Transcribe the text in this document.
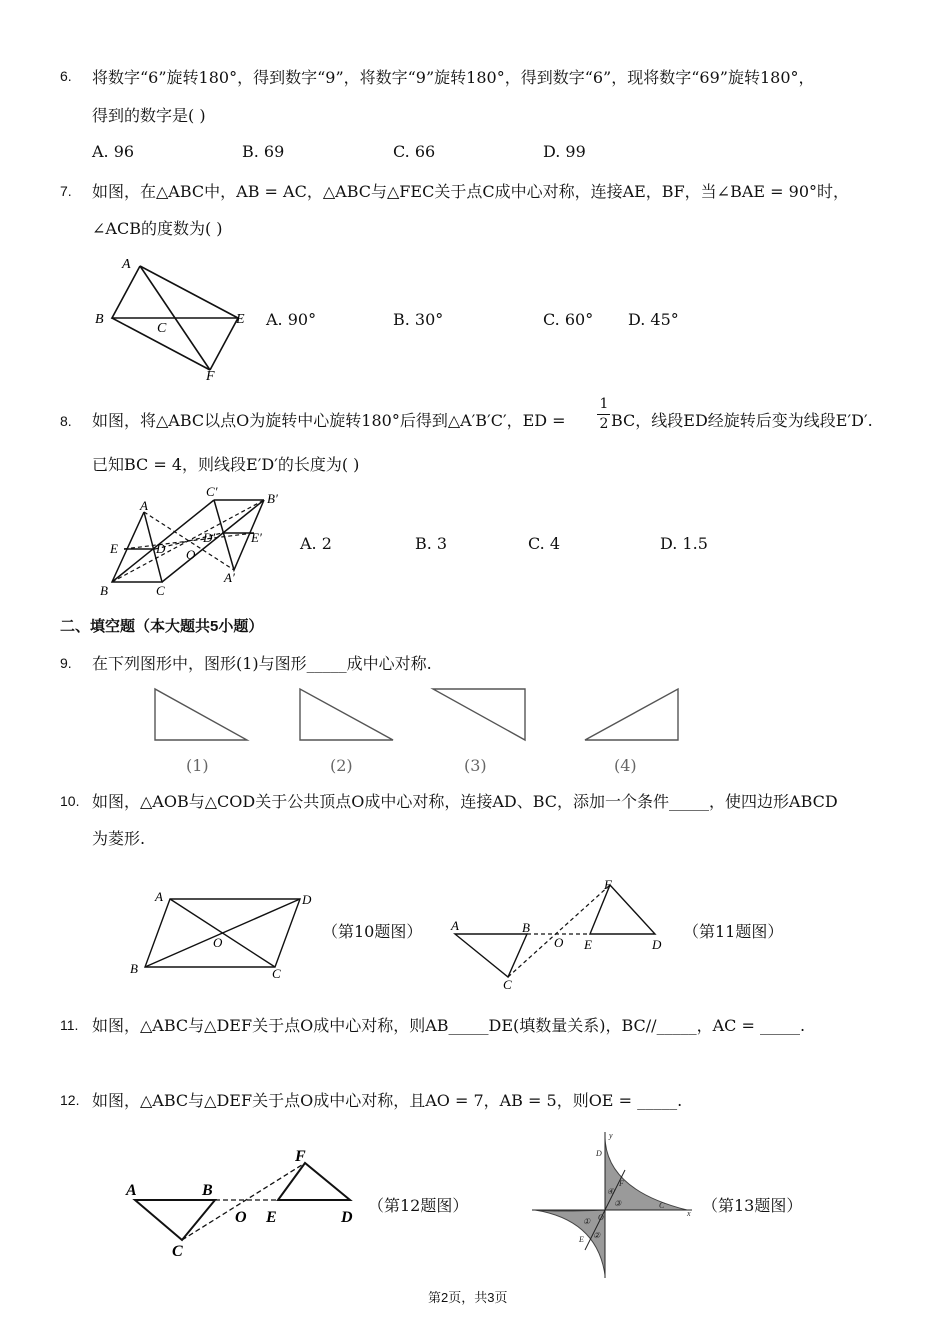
6. 将数字“6”旋转180°，得到数字“9”，将数字“9”旋转180°，得到数字“6”，现将数字“69”旋转180°，
得到的数字是( )
A. 96	B. 69	C. 66	D. 99
7. 如图，在△ABC中，AB = AC，△ABC与△FEC关于点C成中心对称，连接AE，BF，当∠BAE = 90°时，
∠ACB的度数为( )
A
B
C
E
F
A. 90°	B. 30°	C. 60° D. 45°
8. 如图，将△ABC以点O为旋转中心旋转180°后得到△A′B′C′，ED =
1
2 BC，线段ED经旋转后变为线段E′D′.
已知BC = 4，则线段E′D′的长度为( )
A
E	D
B	C
O
C′	B′
D′	E′
A′
A. 2	B. 3	C. 4	D. 1.5
二、填空题（本大题共5小题）
9. 在下列图形中，图形(1)与图形_____成中心对称.
(1)	(2)	(3)	(4)
10. 如图，△AOB与△COD关于公共顶点O成中心对称，连接AD、BC，添加一个条件_____，使四边形ABCD
为菱形.
A	D
O
B	C
（第10题图）
F
A	B
O E	D
C
（第11题图）
11. 如图，△ABC与△DEF关于点O成中心对称，则AB_____DE(填数量关系)，BC//_____，AC = _____.
12. 如图，△ABC与△DEF关于点O成中心对称，且AO = 7，AB = 5，则OE = _____.
A	B
F
O E	D
C
（第12题图）
y
D
F
④
③	C
x
① O
②
E
（第13题图）
第2页，共3页
